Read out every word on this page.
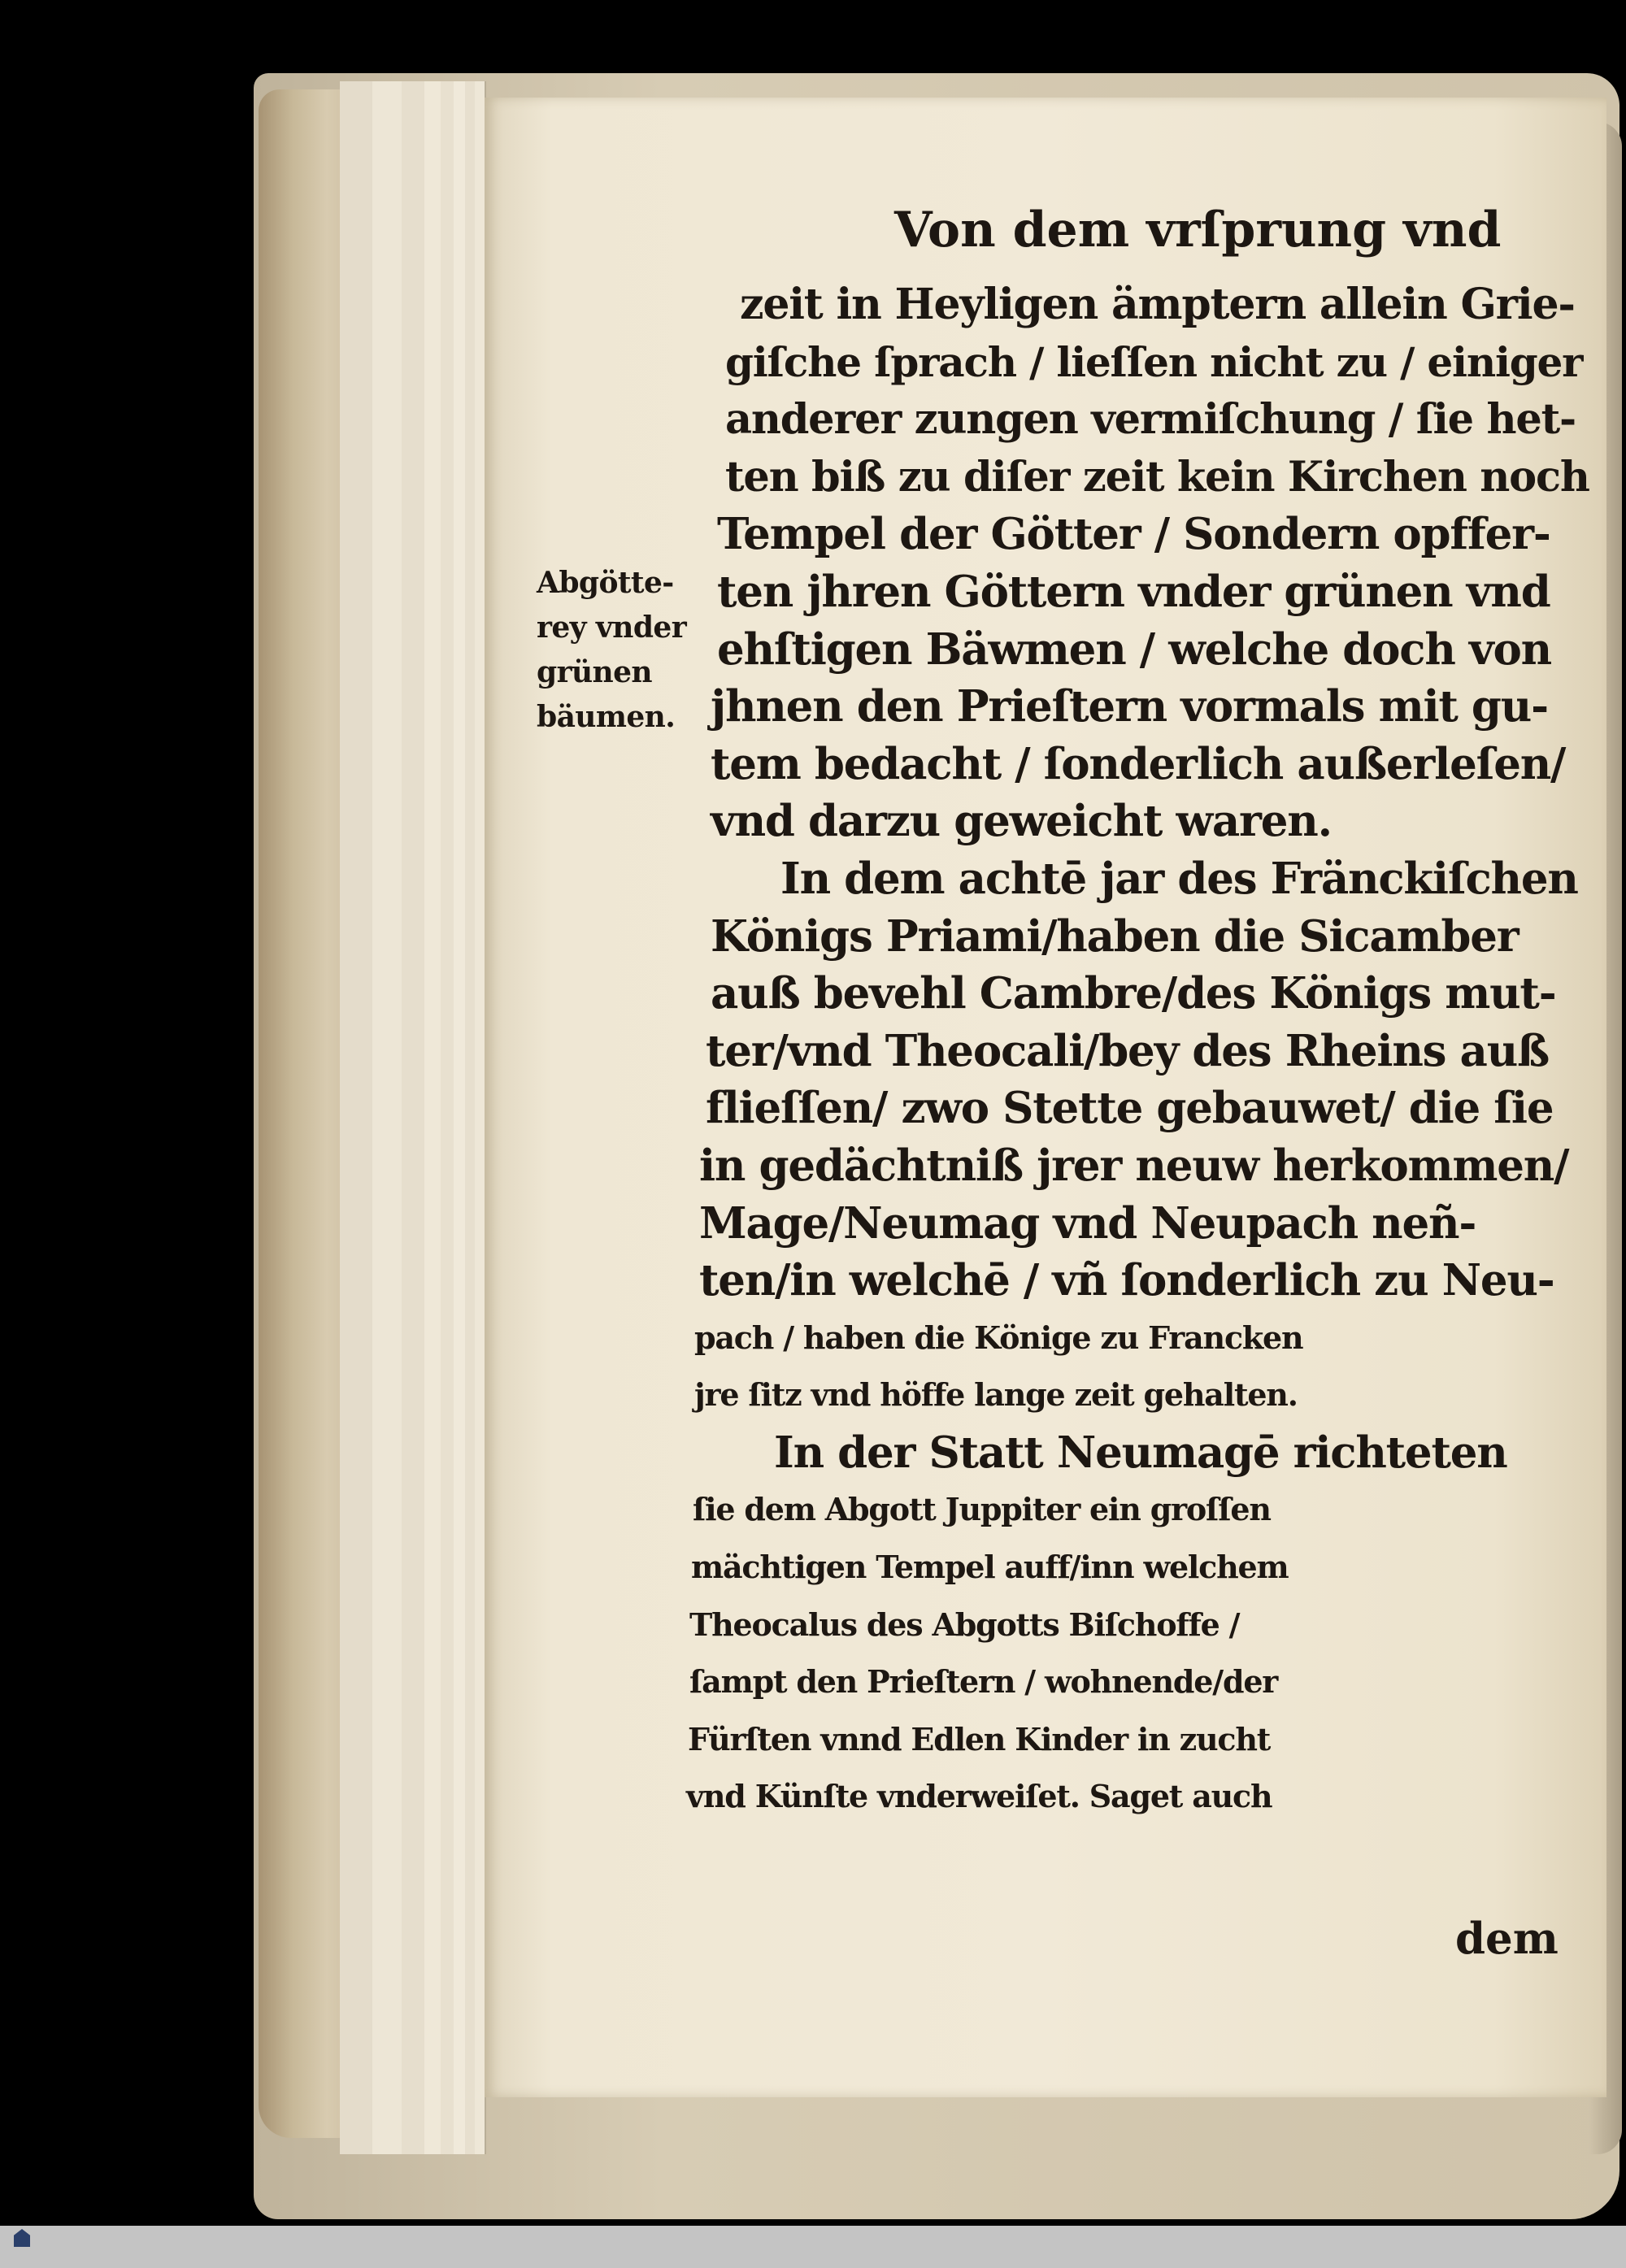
Von dem vrſprung vnd
Abgötte-
rey vnder
grünen
bäumen.
zeit in Heyligen ämptern allein Grie-
giſche ſprach / lieſſen nicht zu / einiger
anderer zungen vermiſchung / ſie het-
ten biß zu diſer zeit kein Kirchen noch
Tempel der Götter / Sondern opffer-
ten jhren Göttern vnder grünen vnd
ehſtigen Bäwmen / welche doch von
jhnen den Prieſtern vormals mit gu-
tem bedacht / ſonderlich außerleſen/
vnd darzu geweicht waren.
In dem achtē jar des Fränckiſchen
Königs Priami/haben die Sicamber
auß bevehl Cambre/des Königs mut-
ter/vnd Theocali/bey des Rheins auß
flieſſen/ zwo Stette gebauwet/ die ſie
in gedächtniß jrer neuw herkommen/
Mage/Neumag vnd Neupach neñ-
ten/in welchē / vñ ſonderlich zu Neu-
pach / haben die Könige zu Francken
jre ſitz vnd höffe lange zeit gehalten.
In der Statt Neumagē richteten
ſie dem Abgott Juppiter ein groſſen
mächtigen Tempel auff/inn welchem
Theocalus des Abgotts Biſchoffe /
ſampt den Prieſtern / wohnende/der
Fürſten vnnd Edlen Kinder in zucht
vnd Künſte vnderweiſet. Saget auch
dem
